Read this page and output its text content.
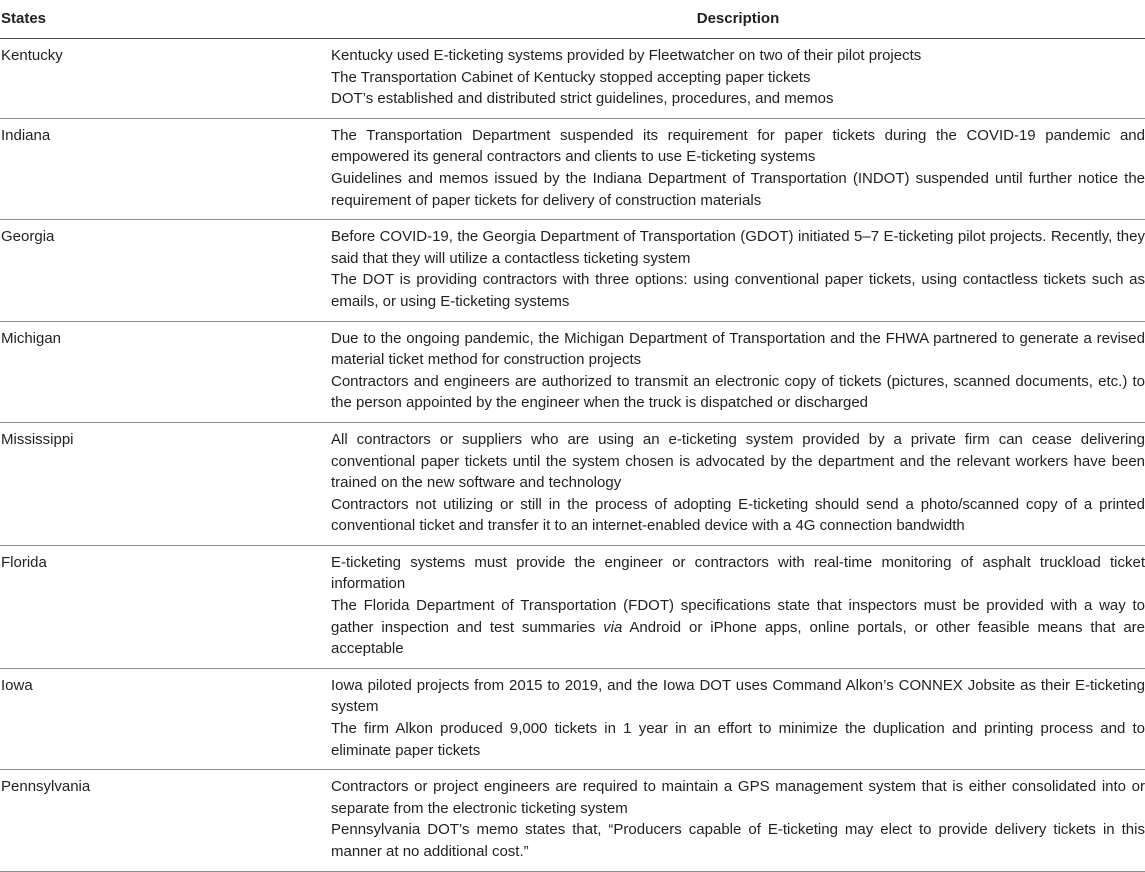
States	Description
Kentucky	Kentucky used E-ticketing systems provided by Fleetwatcher on two of their pilot projects
The Transportation Cabinet of Kentucky stopped accepting paper tickets
DOT’s established and distributed strict guidelines, procedures, and memos

Indiana	The Transportation Department suspended its requirement for paper tickets during the COVID-19 pandemic and empowered its general contractors and clients to use E-ticketing systems
Guidelines and memos issued by the Indiana Department of Transportation (INDOT) suspended until further notice the requirement of paper tickets for delivery of construction materials

Georgia	Before COVID-19, the Georgia Department of Transportation (GDOT) initiated 5–7 E-ticketing pilot projects. Recently, they said that they will utilize a contactless ticketing system
The DOT is providing contractors with three options: using conventional paper tickets, using contactless tickets such as emails, or using E-ticketing systems

Michigan	Due to the ongoing pandemic, the Michigan Department of Transportation and the FHWA partnered to generate a revised material ticket method for construction projects
Contractors and engineers are authorized to transmit an electronic copy of tickets (pictures, scanned documents, etc.) to the person appointed by the engineer when the truck is dispatched or discharged

Mississippi	All contractors or suppliers who are using an e-ticketing system provided by a private firm can cease delivering conventional paper tickets until the system chosen is advocated by the department and the relevant workers have been trained on the new software and technology
Contractors not utilizing or still in the process of adopting E-ticketing should send a photo/scanned copy of a printed conventional ticket and transfer it to an internet-enabled device with a 4G connection bandwidth

Florida	E-ticketing systems must provide the engineer or contractors with real-time monitoring of asphalt truckload ticket information
The Florida Department of Transportation (FDOT) specifications state that inspectors must be provided with a way to gather inspection and test summaries via Android or iPhone apps, online portals, or other feasible means that are acceptable

Iowa	Iowa piloted projects from 2015 to 2019, and the Iowa DOT uses Command Alkon’s CONNEX Jobsite as their E-ticketing system
The firm Alkon produced 9,000 tickets in 1 year in an effort to minimize the duplication and printing process and to eliminate paper tickets

Pennsylvania	Contractors or project engineers are required to maintain a GPS management system that is either consolidated into or separate from the electronic ticketing system
Pennsylvania DOT’s memo states that, “Producers capable of E-ticketing may elect to provide delivery tickets in this manner at no additional cost.”
